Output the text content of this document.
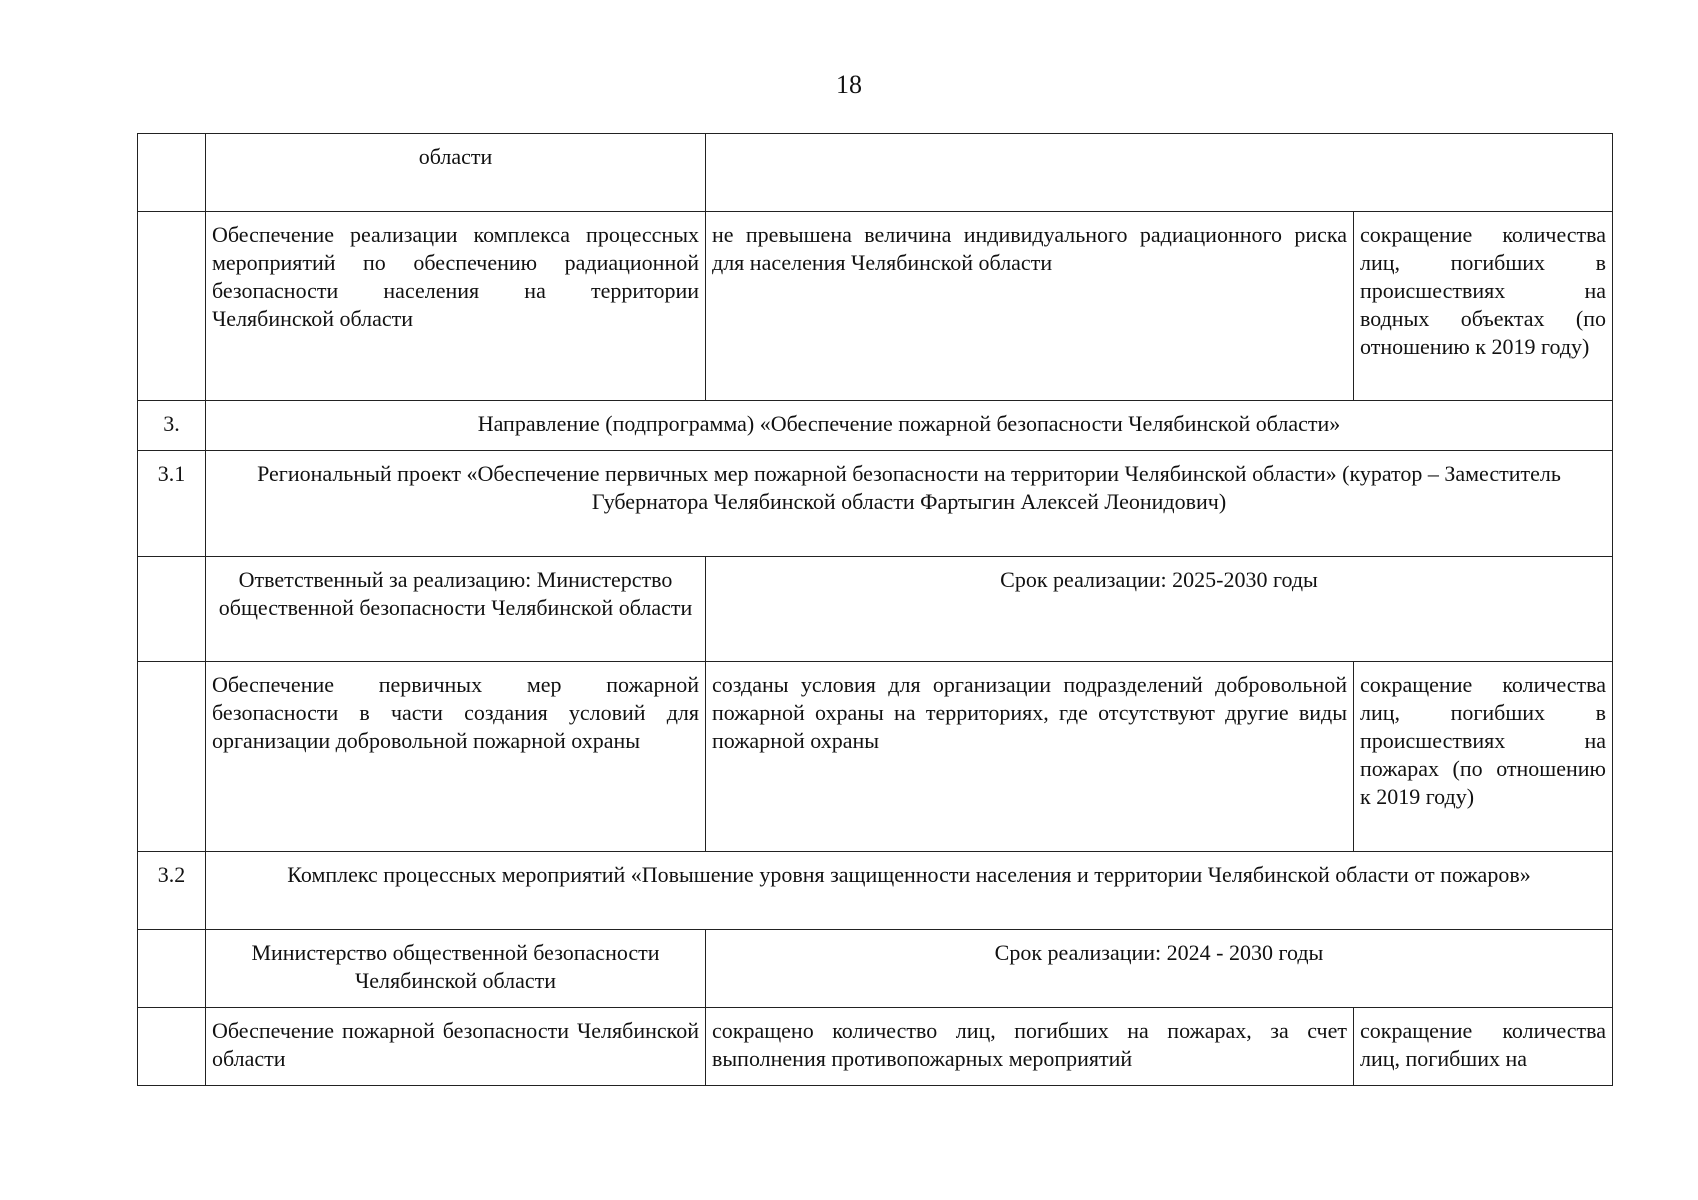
18
	области		
	Обеспечение реализации комплекса процессных мероприятий по обеспечению радиационной безопасности населения на территории Челябинской области	не превышена величина индивидуального радиационного риска для населения Челябинской области	сокращение количества лиц, погибших в происшествиях на водных объектах (по отношению к 2019 году)
3.	Направление (подпрограмма) «Обеспечение пожарной безопасности Челябинской области»		
3.1	Региональный проект «Обеспечение первичных мер пожарной безопасности на территории Челябинской области» (куратор – Заместитель Губернатора Челябинской области Фартыгин Алексей Леонидович)		
	Ответственный за реализацию: Министерство общественной безопасности Челябинской области	Срок реализации: 2025-2030 годы	
	Обеспечение первичных мер пожарной безопасности в части создания условий для организации добровольной пожарной охраны	созданы условия для организации подразделений добровольной пожарной охраны на территориях, где отсутствуют другие виды пожарной охраны	сокращение количества лиц, погибших в происшествиях на пожарах (по отношению к 2019 году)
3.2	Комплекс процессных мероприятий «Повышение уровня защищенности населения и территории Челябинской области от пожаров»		
	Министерство общественной безопасности Челябинской области	Срок реализации: 2024 - 2030 годы	
	Обеспечение пожарной безопасности Челябинской области	сокращено количество лиц, погибших на пожарах, за счет выполнения противопожарных мероприятий	сокращение количества лиц, погибших на
